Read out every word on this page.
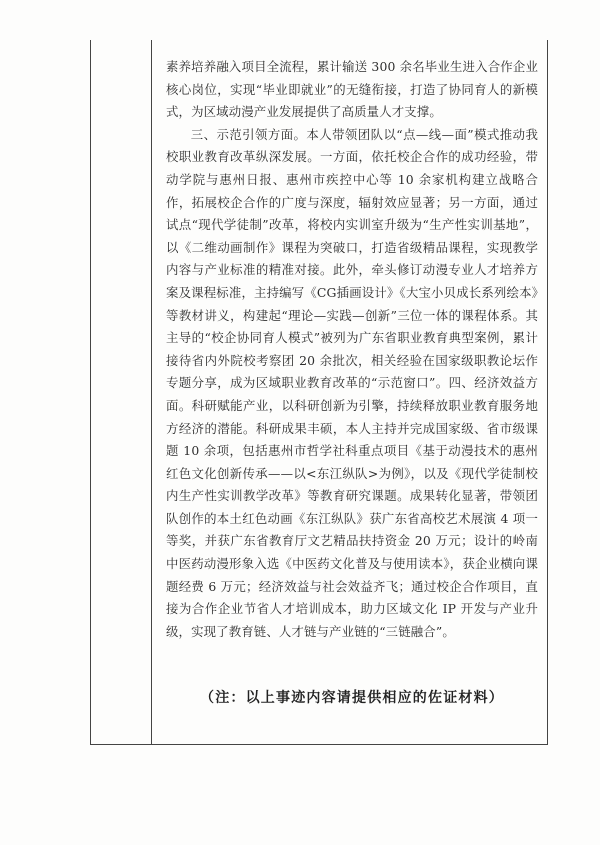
素养培养融入项目全流程，累计输送 300 余名毕业生进入合作企业核心岗位，实现“毕业即就业”的无缝衔接，打造了协同育人的新模式，为区域动漫产业发展提供了高质量人才支撑。

三、示范引领方面。本人带领团队以“点—线—面”模式推动我校职业教育改革纵深发展。一方面，依托校企合作的成功经验，带动学院与惠州日报、惠州市疾控中心等 10 余家机构建立战略合作，拓展校企合作的广度与深度，辐射效应显著；另一方面，通过试点“现代学徒制”改革，将校内实训室升级为“生产性实训基地”，以《二维动画制作》课程为突破口，打造省级精品课程，实现教学内容与产业标准的精准对接。此外，牵头修订动漫专业人才培养方案及课程标准，主持编写《CG插画设计》《大宝小贝成长系列绘本》等教材讲义，构建起“理论—实践—创新”三位一体的课程体系。其主导的“校企协同育人模式”被列为广东省职业教育典型案例，累计接待省内外院校考察团 20 余批次，相关经验在国家级职教论坛作专题分享，成为区域职业教育改革的“示范窗口”。四、经济效益方面。科研赋能产业，以科研创新为引擎，持续释放职业教育服务地方经济的潜能。科研成果丰硕，本人主持并完成国家级、省市级课题 10 余项，包括惠州市哲学社科重点项目《基于动漫技术的惠州红色文化创新传承——以<东江纵队>为例》，以及《现代学徒制校内生产性实训教学改革》等教育研究课题。成果转化显著，带领团队创作的本土红色动画《东江纵队》获广东省高校艺术展演 4 项一等奖，并获广东省教育厅文艺精品扶持资金 20 万元；设计的岭南中医药动漫形象入选《中医药文化普及与使用读本》，获企业横向课题经费 6 万元；经济效益与社会效益齐飞；通过校企合作项目，直接为合作企业节省人才培训成本，助力区域文化 IP 开发与产业升级，实现了教育链、人才链与产业链的“三链融合”。

（注：以上事迹内容请提供相应的佐证材料）
